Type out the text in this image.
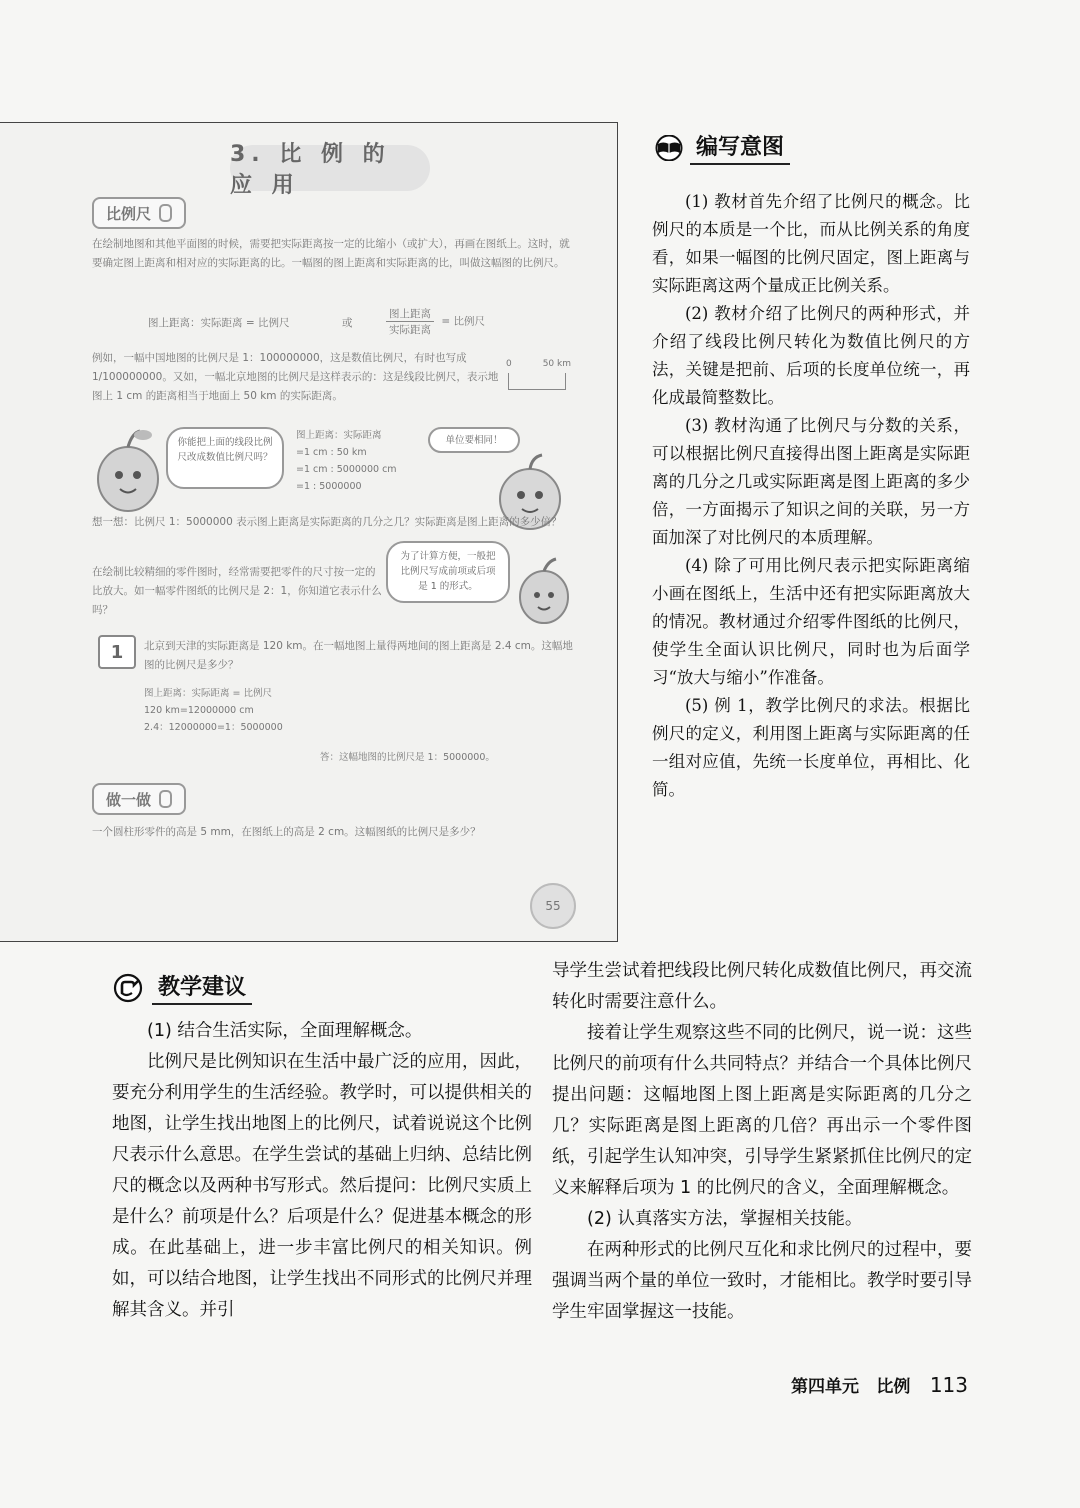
3. 比 例 的 应 用
比例尺

在绘制地图和其他平面图的时候，需要把实际距离按一定的比缩小（或扩大），再画在图纸上。这时，就要确定图上距离和相对应的实际距离的比。一幅图的图上距离和实际距离的比，叫做这幅图的比例尺。

图上距离：实际距离 = 比例尺	或	$\frac{\text{图上距离}}{\text{实际距离}}$ = 比例尺

例如，一幅中国地图的比例尺是 1：100000000，这是数值比例尺，有时也写成 1/100000000。又如，一幅北京地图的比例尺是这样表示的：这是线段比例尺，表示地图上 1 cm 的距离相当于地面上 50 km 的实际距离。

0	50 km
你能把上面的线段比例尺改成数值比例尺吗？
图上距离：实际距离
=1 cm : 50 km
=1 cm : 5000000 cm
=1 : 5000000
单位要相同！

想一想：比例尺 1：5000000 表示图上距离是实际距离的几分之几？实际距离是图上距离的多少倍？

在绘制比较精细的零件图时，经常需要把零件的尺寸按一定的比放大。如一幅零件图纸的比例尺是 2：1，你知道它表示什么吗？

为了计算方便，一般把比例尺写成前项或后项是 1 的形式。
1	北京到天津的实际距离是 120 km。在一幅地图上量得两地间的图上距离是 2.4 cm。这幅地图的比例尺是多少？

图上距离：实际距离 = 比例尺
120 km=12000000 cm
2.4：12000000=1：5000000
答：这幅地图的比例尺是 1：5000000。
做一做

一个圆柱形零件的高是 5 mm，在图纸上的高是 2 cm。这幅图纸的比例尺是多少？

55
编写意图

(1) 教材首先介绍了比例尺的概念。比例尺的本质是一个比，而从比例关系的角度看，如果一幅图的比例尺固定，图上距离与实际距离这两个量成正比例关系。

(2) 教材介绍了比例尺的两种形式，并介绍了线段比例尺转化为数值比例尺的方法，关键是把前、后项的长度单位统一，再化成最简整数比。

(3) 教材沟通了比例尺与分数的关系，可以根据比例尺直接得出图上距离是实际距离的几分之几或实际距离是图上距离的多少倍，一方面揭示了知识之间的关联，另一方面加深了对比例尺的本质理解。

(4) 除了可用比例尺表示把实际距离缩小画在图纸上，生活中还有把实际距离放大的情况。教材通过介绍零件图纸的比例尺，使学生全面认识比例尺，同时也为后面学习“放大与缩小”作准备。

(5) 例 1，教学比例尺的求法。根据比例尺的定义，利用图上距离与实际距离的任一组对应值，先统一长度单位，再相比、化简。

教学建议

(1) 结合生活实际，全面理解概念。

比例尺是比例知识在生活中最广泛的应用，因此，要充分利用学生的生活经验。教学时，可以提供相关的地图，让学生找出地图上的比例尺，试着说说这个比例尺表示什么意思。在学生尝试的基础上归纳、总结比例尺的概念以及两种书写形式。然后提问：比例尺实质上是什么？前项是什么？后项是什么？促进基本概念的形成。在此基础上，进一步丰富比例尺的相关知识。例如，可以结合地图，让学生找出不同形式的比例尺并理解其含义。并引

导学生尝试着把线段比例尺转化成数值比例尺，再交流转化时需要注意什么。

接着让学生观察这些不同的比例尺，说一说：这些比例尺的前项有什么共同特点？并结合一个具体比例尺提出问题：这幅地图上图上距离是实际距离的几分之几？实际距离是图上距离的几倍？再出示一个零件图纸，引起学生认知冲突，引导学生紧紧抓住比例尺的定义来解释后项为 1 的比例尺的含义，全面理解概念。

(2) 认真落实方法，掌握相关技能。

在两种形式的比例尺互化和求比例尺的过程中，要强调当两个量的单位一致时，才能相比。教学时要引导学生牢固掌握这一技能。

第四单元 比例 113
